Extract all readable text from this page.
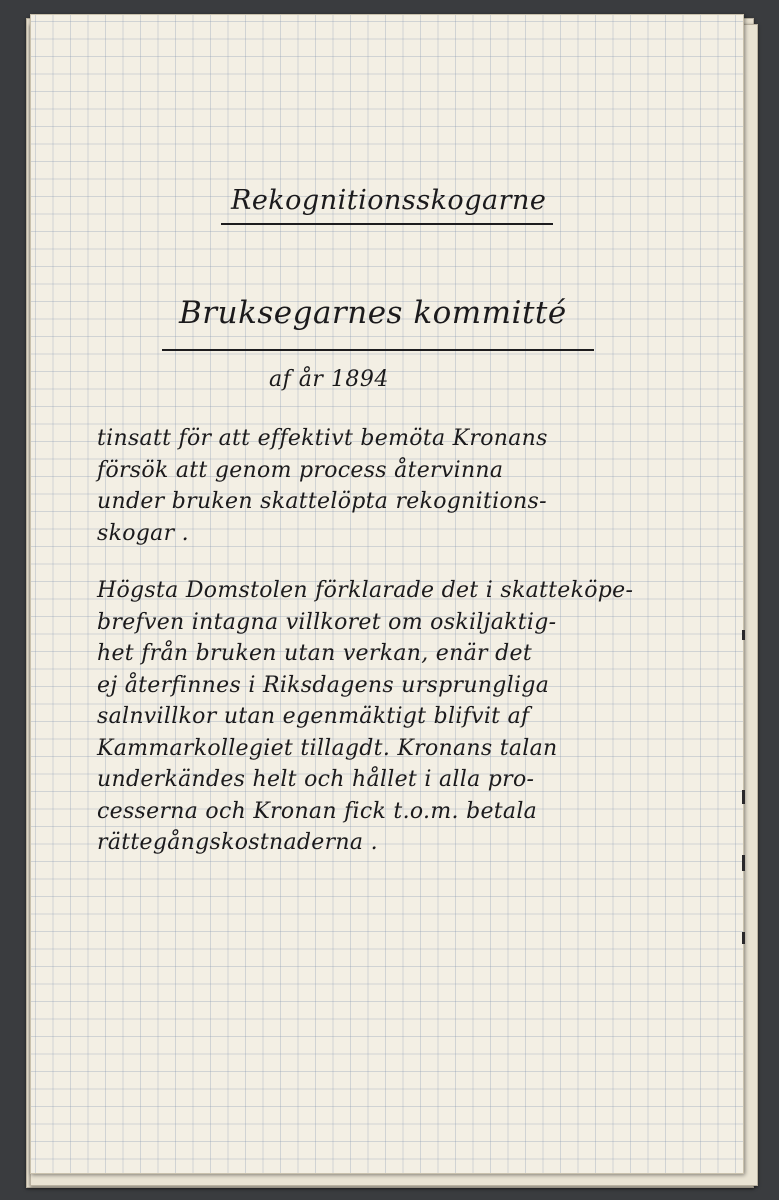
Rekognitionsskogarne
Bruksegarnes kommitté
af år 1894
tinsatt för att effektivt bemöta Kronans
försök att genom process återvinna
under bruken skattelöpta rekognitions-
skogar .
Högsta Domstolen förklarade det i skatteköpe-
brefven intagna villkoret om oskiljaktig-
het från bruken utan verkan, enär det
ej återfinnes i Riksdagens ursprungliga
salnvillkor utan egenmäktigt blifvit af
Kammarkollegiet tillagdt. Kronans talan
underkändes helt och hållet i alla pro-
cesserna och Kronan fick t.o.m. betala
rättegångskostnaderna .
